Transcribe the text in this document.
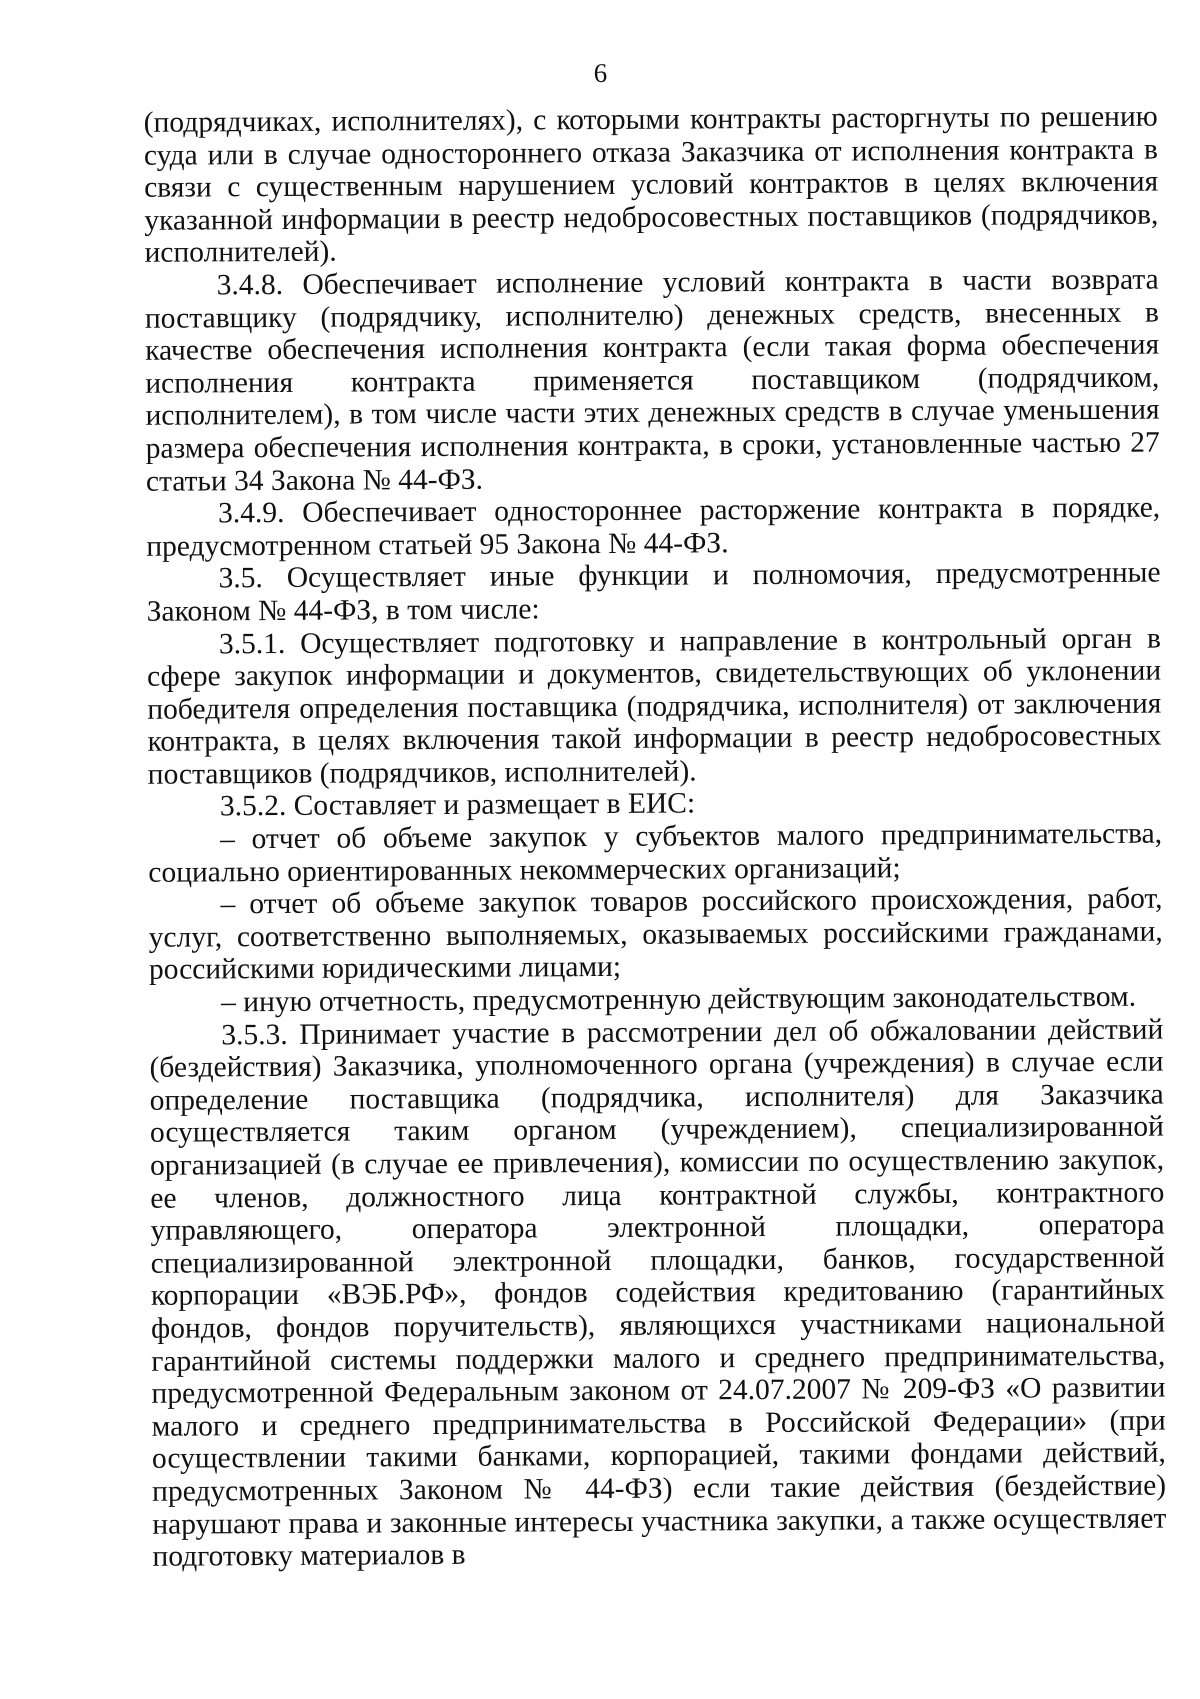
6

(подрядчиках, исполнителях), с которыми контракты расторгнуты по решению суда или в случае одностороннего отказа Заказчика от исполнения контракта в связи с существенным нарушением условий контрактов в целях включения указанной информации в реестр недобросовестных поставщиков (подрядчиков, исполнителей).

3.4.8. Обеспечивает исполнение условий контракта в части возврата поставщику (подрядчику, исполнителю) денежных средств, внесенных в качестве обеспечения исполнения контракта (если такая форма обеспечения исполнения контракта применяется поставщиком (подрядчиком, исполнителем), в том числе части этих денежных средств в случае уменьшения размера обеспечения исполнения контракта, в сроки, установленные частью 27 статьи 34 Закона № 44-ФЗ.

3.4.9. Обеспечивает одностороннее расторжение контракта в порядке, предусмотренном статьей 95 Закона № 44-ФЗ.

3.5. Осуществляет иные функции и полномочия, предусмотренные Законом № 44-ФЗ, в том числе:

3.5.1. Осуществляет подготовку и направление в контрольный орган в сфере закупок информации и документов, свидетельствующих об уклонении победителя определения поставщика (подрядчика, исполнителя) от заключения контракта, в целях включения такой информации в реестр недобросовестных поставщиков (подрядчиков, исполнителей).

3.5.2. Составляет и размещает в ЕИС:

– отчет об объеме закупок у субъектов малого предпринимательства, социально ориентированных некоммерческих организаций;

– отчет об объеме закупок товаров российского происхождения, работ, услуг, соответственно выполняемых, оказываемых российскими гражданами, российскими юридическими лицами;

– иную отчетность, предусмотренную действующим законодательством.

3.5.3. Принимает участие в рассмотрении дел об обжаловании действий (бездействия) Заказчика, уполномоченного органа (учреждения) в случае если определение поставщика (подрядчика, исполнителя) для Заказчика осуществляется таким органом (учреждением), специализированной организацией (в случае ее привлечения), комиссии по осуществлению закупок, ее членов, должностного лица контрактной службы, контрактного управляющего, оператора электронной площадки, оператора специализированной электронной площадки, банков, государственной корпорации «ВЭБ.РФ», фондов содействия кредитованию (гарантийных фондов, фондов поручительств), являющихся участниками национальной гарантийной системы поддержки малого и среднего предпринимательства, предусмотренной Федеральным законом от 24.07.2007 № 209-ФЗ «О развитии малого и среднего предпринимательства в Российской Федерации» (при осуществлении такими банками, корпорацией, такими фондами действий, предусмотренных Законом № 44-ФЗ) если такие действия (бездействие) нарушают права и законные интересы участника закупки, а также осуществляет подготовку материалов в
